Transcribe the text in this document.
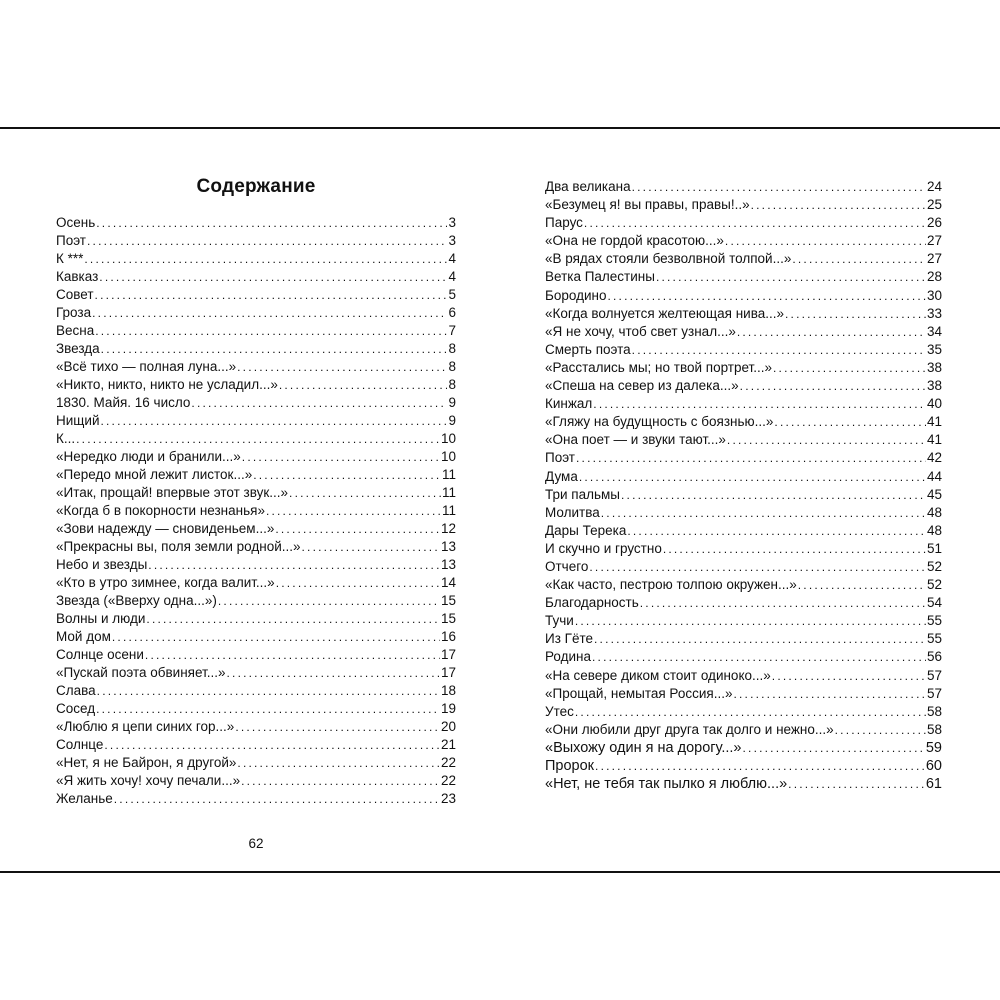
Содержание
Осень .....	3
Поэт .....	3
К *** .....	4
Кавказ .....	4
Совет .....	5
Гроза .....	6
Весна .....	7
Звезда .....	8
«Всё тихо — полная луна...» .....	8
«Никто, никто, никто не усладил...» .....	8
1830. Майя. 16 число .....	9
Нищий .....	9
К... .....	10
«Нередко люди и бранили...» .....	10
«Передо мной лежит листок...» .....	11
«Итак, прощай! впервые этот звук...» .....	11
«Когда б в покорности незнанья» .....	11
«Зови надежду — сновиденьем...» .....	12
«Прекрасны вы, поля земли родной...» .....	13
Небо и звезды .....	13
«Кто в утро зимнее, когда валит...» .....	14
Звезда («Вверху одна...») .....	15
Волны и люди .....	15
Мой дом .....	16
Солнце осени .....	17
«Пускай поэта обвиняет...» .....	17
Слава .....	18
Сосед .....	19
«Люблю я цепи синих гор...» .....	20
Солнце .....	21
«Нет, я не Байрон, я другой» .....	22
«Я жить хочу! хочу печали...» .....	22
Желанье .....	23
62
Два великана .....	24
«Безумец я! вы правы, правы!..» .....	25
Парус .....	26
«Она не гордой красотою...» .....	27
«В рядах стояли безволвной толпой...» .....	27
Ветка Палестины .....	28
Бородино .....	30
«Когда волнуется желтеющая нива...» .....	33
«Я не хочу, чтоб свет узнал...» .....	34
Смерть поэта .....	35
«Расстались мы; но твой портрет...» .....	38
«Спеша на север из далека...» .....	38
Кинжал .....	40
«Гляжу на будущность с боязнью...» .....	41
«Она поет — и звуки тают...» .....	41
Поэт .....	42
Дума .....	44
Три пальмы .....	45
Молитва .....	48
Дары Терека .....	48
И скучно и грустно .....	51
Отчего .....	52
«Как часто, пестрою толпою окружен...» .....	52
Благодарность .....	54
Тучи .....	55
Из Гёте .....	55
Родина .....	56
«На севере диком стоит одиноко...» .....	57
«Прощай, немытая Россия...» .....	57
Утес .....	58
«Они любили друг друга так долго и нежно...» .....	58
«Выхожу один я на дорогу...» .....	59
Пророк .....	60
«Нет, не тебя так пылко я люблю...» .....	61
